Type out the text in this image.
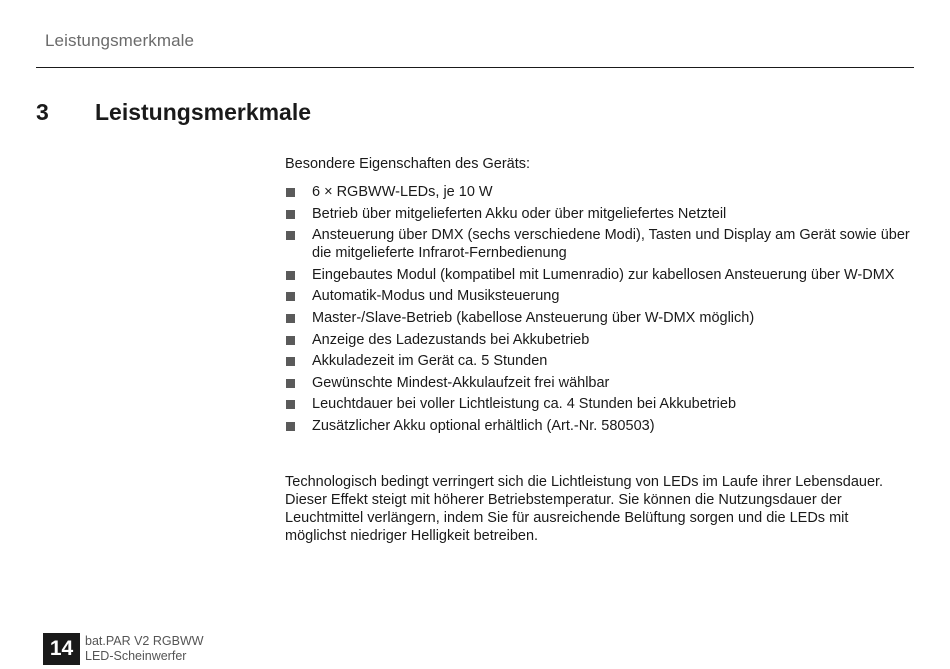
Leistungsmerkmale
3 Leistungsmerkmale

Besondere Eigenschaften des Geräts:

6 × RGBWW-LEDs, je 10 W
Betrieb über mitgelieferten Akku oder über mitgeliefertes Netzteil
Ansteuerung über DMX (sechs verschiedene Modi), Tasten und Display am Gerät sowie über die mitgelieferte Infrarot-Fernbedienung
Eingebautes Modul (kompatibel mit Lumenradio) zur kabellosen Ansteuerung über W-DMX
Automatik-Modus und Musiksteuerung
Master-/Slave-Betrieb (kabellose Ansteuerung über W-DMX möglich)
Anzeige des Ladezustands bei Akkubetrieb
Akkuladezeit im Gerät ca. 5 Stunden
Gewünschte Mindest-Akkulaufzeit frei wählbar
Leuchtdauer bei voller Lichtleistung ca. 4 Stunden bei Akkubetrieb
Zusätzlicher Akku optional erhältlich (Art.-Nr. 580503)

Technologisch bedingt verringert sich die Lichtleistung von LEDs im Laufe ihrer Lebensdauer. Dieser Effekt steigt mit höherer Betriebstemperatur. Sie können die Nutzungsdauer der Leuchtmittel verlängern, indem Sie für ausreichende Belüftung sorgen und die LEDs mit möglichst niedriger Helligkeit betreiben.

14 bat.PAR V2 RGBWW
LED-Scheinwerfer
